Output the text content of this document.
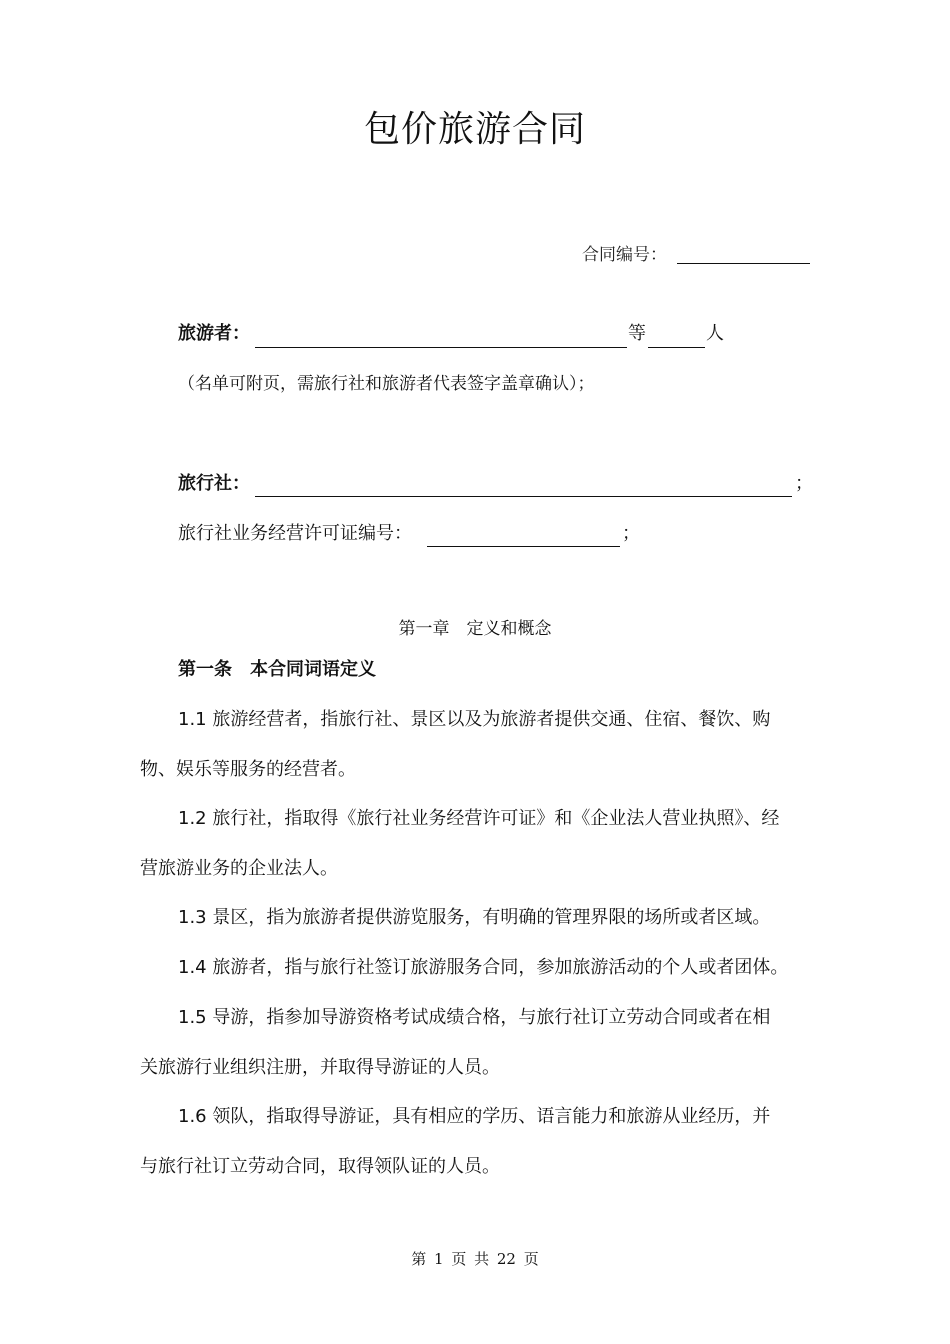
包价旅游合同
合同编号：
旅游者：	等	人
（名单可附页，需旅行社和旅游者代表签字盖章确认）；
旅行社：	；
旅行社业务经营许可证编号：	；
第一章　定义和概念
第一条　本合同词语定义
1.1 旅游经营者，指旅行社、景区以及为旅游者提供交通、住宿、餐饮、购
物、娱乐等服务的经营者。
1.2 旅行社，指取得《旅行社业务经营许可证》和《企业法人营业执照》、经
营旅游业务的企业法人。
1.3 景区，指为旅游者提供游览服务，有明确的管理界限的场所或者区域。
1.4 旅游者，指与旅行社签订旅游服务合同，参加旅游活动的个人或者团体。
1.5 导游，指参加导游资格考试成绩合格，与旅行社订立劳动合同或者在相
关旅游行业组织注册，并取得导游证的人员。
1.6 领队，指取得导游证，具有相应的学历、语言能力和旅游从业经历，并
与旅行社订立劳动合同，取得领队证的人员。
第 1 页 共 22 页
